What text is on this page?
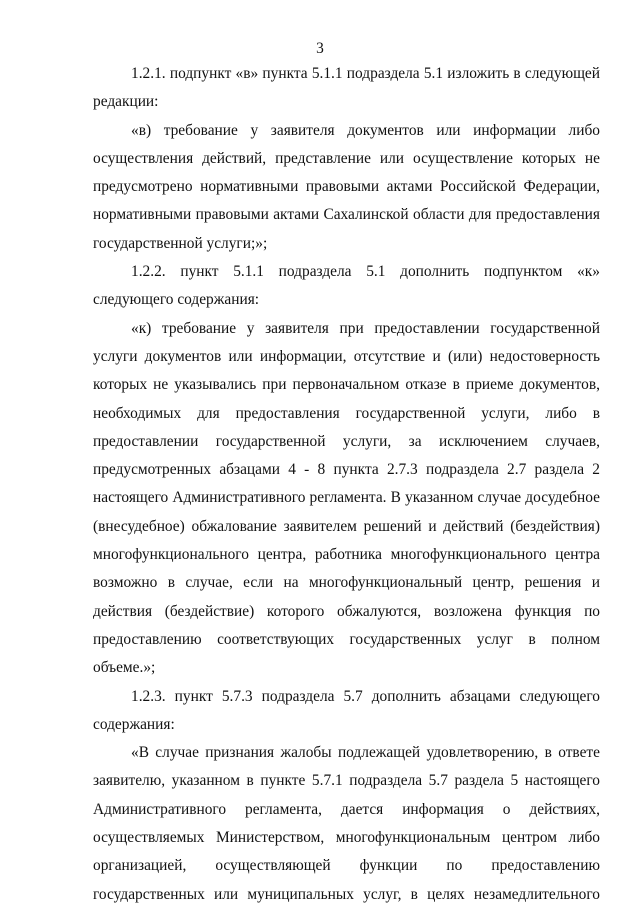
3

1.2.1. подпункт «в» пункта 5.1.1 подраздела 5.1 изложить в следующей
редакции:

«в) требование у заявителя документов или информации либо
осуществления действий, представление или осуществление которых не
предусмотрено нормативными правовыми актами Российской Федерации,
нормативными правовыми актами Сахалинской области для предоставления
государственной услуги;»;

1.2.2. пункт 5.1.1 подраздела 5.1 дополнить подпунктом «к»
следующего содержания:

«к) требование у заявителя при предоставлении государственной
услуги документов или информации, отсутствие и (или) недостоверность
которых не указывались при первоначальном отказе в приеме документов,
необходимых для предоставления государственной услуги, либо в
предоставлении государственной услуги, за исключением случаев,
предусмотренных абзацами 4 - 8 пункта 2.7.3 подраздела 2.7 раздела 2
настоящего Административного регламента. В указанном случае досудебное
(внесудебное) обжалование заявителем решений и действий (бездействия)
многофункционального центра, работника многофункционального центра
возможно в случае, если на многофункциональный центр, решения и
действия (бездействие) которого обжалуются, возложена функция по
предоставлению соответствующих государственных услуг в полном
объеме.»;

1.2.3. пункт 5.7.3 подраздела 5.7 дополнить абзацами следующего
содержания:

«В случае признания жалобы подлежащей удовлетворению, в ответе
заявителю, указанном в пункте 5.7.1 подраздела 5.7 раздела 5 настоящего
Административного регламента, дается информация о действиях,
осуществляемых Министерством, многофункциональным центром либо
организацией, осуществляющей функции по предоставлению
государственных или муниципальных услуг, в целях незамедлительного
